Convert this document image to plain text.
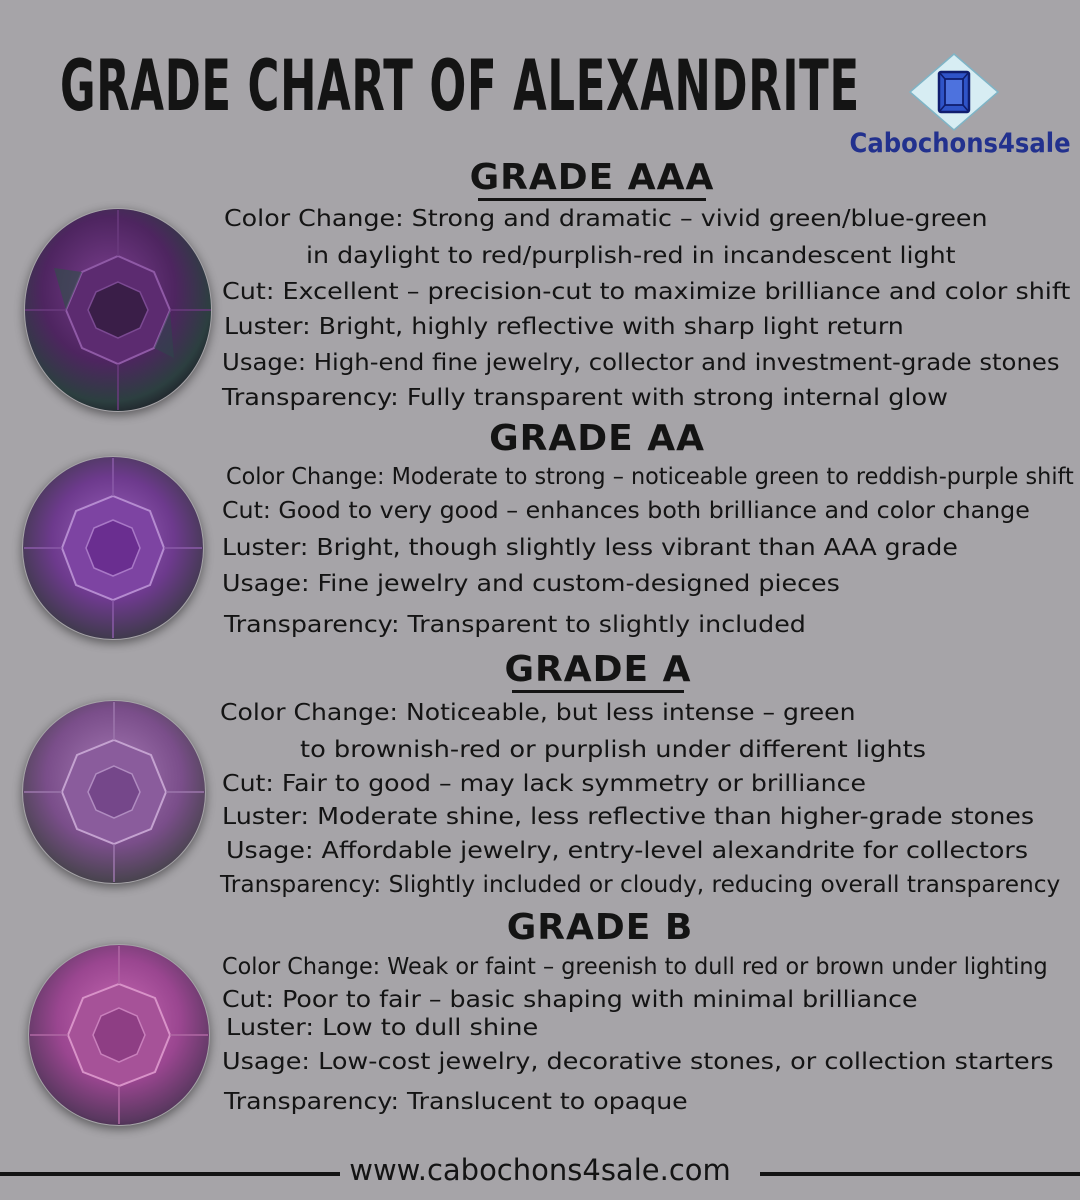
GRADE CHART OF ALEXANDRITE
Cabochons4sale
GRADE AAA
Color Change: Strong and dramatic – vivid green/blue-green
in daylight to red/purplish-red in incandescent light
Cut: Excellent – precision-cut to maximize brilliance and color shift
Luster: Bright, highly reflective with sharp light return
Usage: High-end fine jewelry, collector and investment-grade stones
Transparency: Fully transparent with strong internal glow
GRADE AA
Color Change: Moderate to strong – noticeable green to reddish-purple shift
Cut: Good to very good – enhances both brilliance and color change
Luster: Bright, though slightly less vibrant than AAA grade
Usage: Fine jewelry and custom-designed pieces
Transparency: Transparent to slightly included
GRADE A
Color Change: Noticeable, but less intense – green
to brownish-red or purplish under different lights
Cut: Fair to good – may lack symmetry or brilliance
Luster: Moderate shine, less reflective than higher-grade stones
Usage: Affordable jewelry, entry-level alexandrite for collectors
Transparency: Slightly included or cloudy, reducing overall transparency
GRADE B
Color Change: Weak or faint – greenish to dull red or brown under lighting
Cut: Poor to fair – basic shaping with minimal brilliance
Luster: Low to dull shine
Usage: Low-cost jewelry, decorative stones, or collection starters
Transparency: Translucent to opaque
www.cabochons4sale.com
